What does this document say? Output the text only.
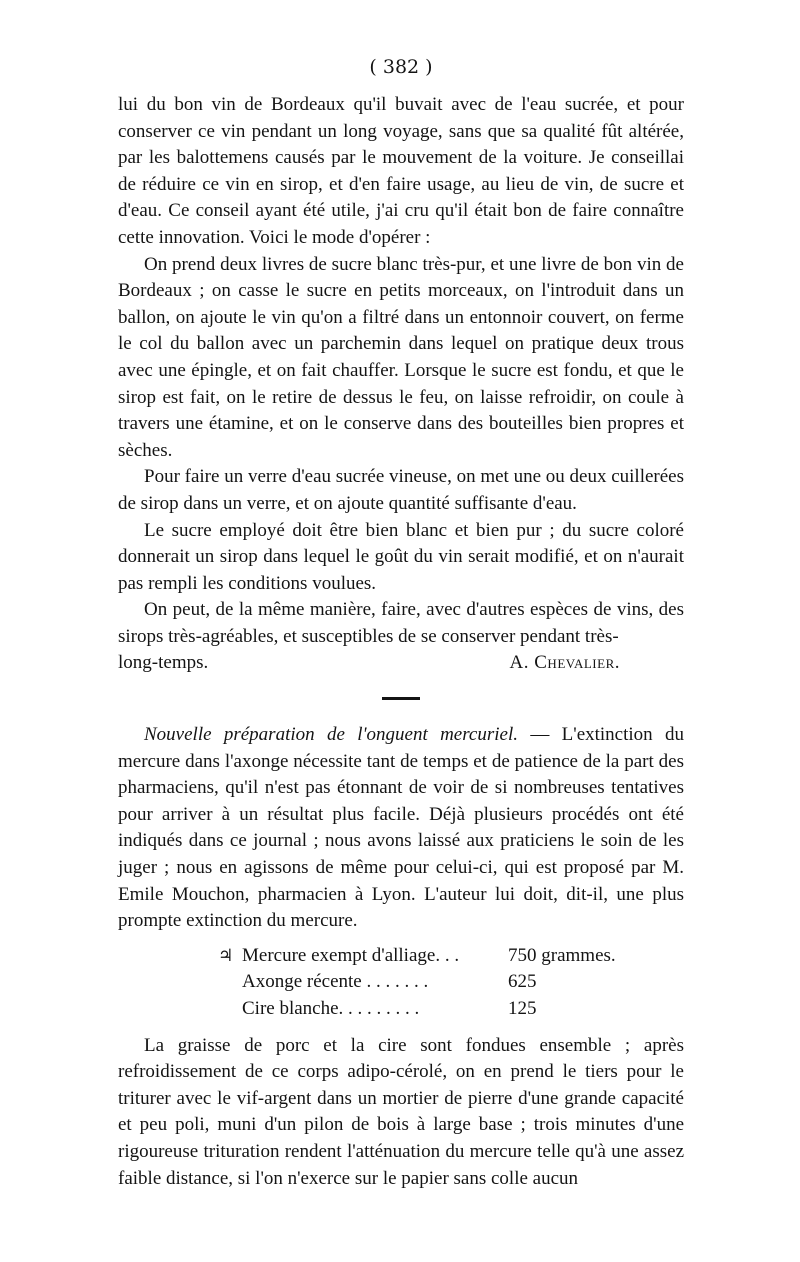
( 382 )

lui du bon vin de Bordeaux qu'il buvait avec de l'eau sucrée, et pour conserver ce vin pendant un long voyage, sans que sa qualité fût altérée, par les balottemens causés par le mouvement de la voiture. Je conseillai de réduire ce vin en sirop, et d'en faire usage, au lieu de vin, de sucre et d'eau. Ce conseil ayant été utile, j'ai cru qu'il était bon de faire connaître cette innovation. Voici le mode d'opérer :

On prend deux livres de sucre blanc très-pur, et une livre de bon vin de Bordeaux ; on casse le sucre en petits morceaux, on l'introduit dans un ballon, on ajoute le vin qu'on a filtré dans un entonnoir couvert, on ferme le col du ballon avec un parchemin dans lequel on pratique deux trous avec une épingle, et on fait chauffer. Lorsque le sucre est fondu, et que le sirop est fait, on le retire de dessus le feu, on laisse refroidir, on coule à travers une étamine, et on le conserve dans des bouteilles bien propres et sèches.

Pour faire un verre d'eau sucrée vineuse, on met une ou deux cuillerées de sirop dans un verre, et on ajoute quantité suffisante d'eau.

Le sucre employé doit être bien blanc et bien pur ; du sucre coloré donnerait un sirop dans lequel le goût du vin serait modifié, et on n'aurait pas rempli les conditions voulues.

On peut, de la même manière, faire, avec d'autres espèces de vins, des sirops très-agréables, et susceptibles de se conserver pendant très-

long-temps.	A. Chevalier.

Nouvelle préparation de l'onguent mercuriel. — L'extinction du mercure dans l'axonge nécessite tant de temps et de patience de la part des pharmaciens, qu'il n'est pas étonnant de voir de si nombreuses tentatives pour arriver à un résultat plus facile. Déjà plusieurs procédés ont été indiqués dans ce journal ; nous avons laissé aux praticiens le soin de les juger ; nous en agissons de même pour celui-ci, qui est proposé par M. Emile Mouchon, pharmacien à Lyon. L'auteur lui doit, dit-il, une plus prompte extinction du mercure.

♃ Mercure exempt d'alliage. . .	750 grammes.
Axonge récente . . . . . . .	625
Cire blanche. . . . . . . . .	125

La graisse de porc et la cire sont fondues ensemble ; après refroidissement de ce corps adipo-cérolé, on en prend le tiers pour le triturer avec le vif-argent dans un mortier de pierre d'une grande capacité et peu poli, muni d'un pilon de bois à large base ; trois minutes d'une rigoureuse trituration rendent l'atténuation du mercure telle qu'à une assez faible distance, si l'on n'exerce sur le papier sans colle aucun
